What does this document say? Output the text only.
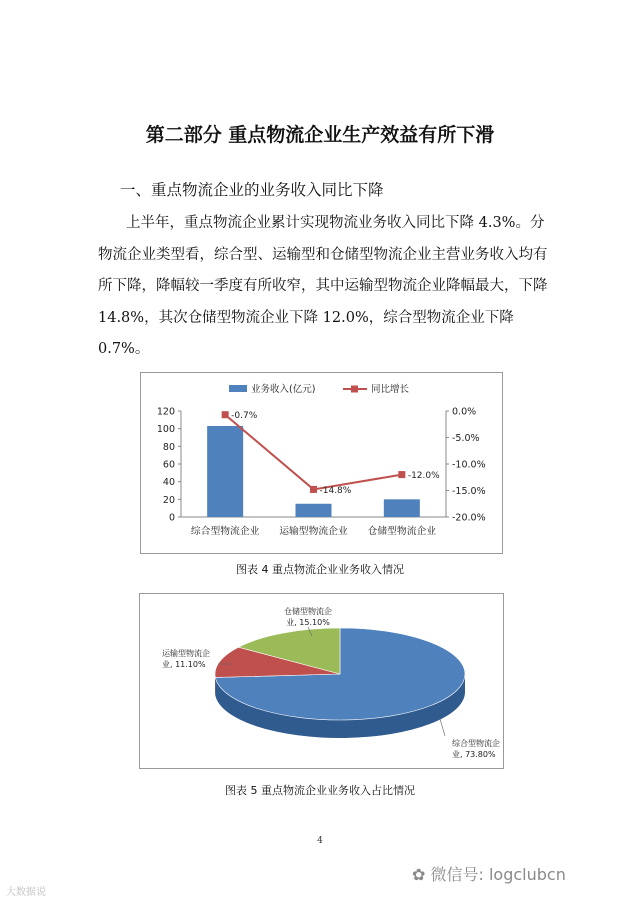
第二部分 重点物流企业生产效益有所下滑
一、重点物流企业的业务收入同比下降
上半年，重点物流企业累计实现物流业务收入同比下降 4.3%。分物流企业类型看，综合型、运输型和仓储型物流企业主营业务收入均有所下降，降幅较一季度有所收窄，其中运输型物流企业降幅最大，下降 14.8%，其次仓储型物流企业下降 12.0%，综合型物流企业下降 0.7%。
业务收入(亿元)	同比增长
0
20
40
60
80
100
120	0.0%
-5.0%
-10.0%
-15.0%
-20.0%
综合型物流企业 运输型物流企业 仓储型物流企业
-0.7%
-14.8%
-12.0%
图表 4 重点物流企业业务收入情况
综合型物流企业, 73.80%
运输型物流企业, 11.10%
仓储型物流企业, 15.10%
图表 5 重点物流企业业务收入占比情况
4
✿ 微信号: logclubcn
大数据说
